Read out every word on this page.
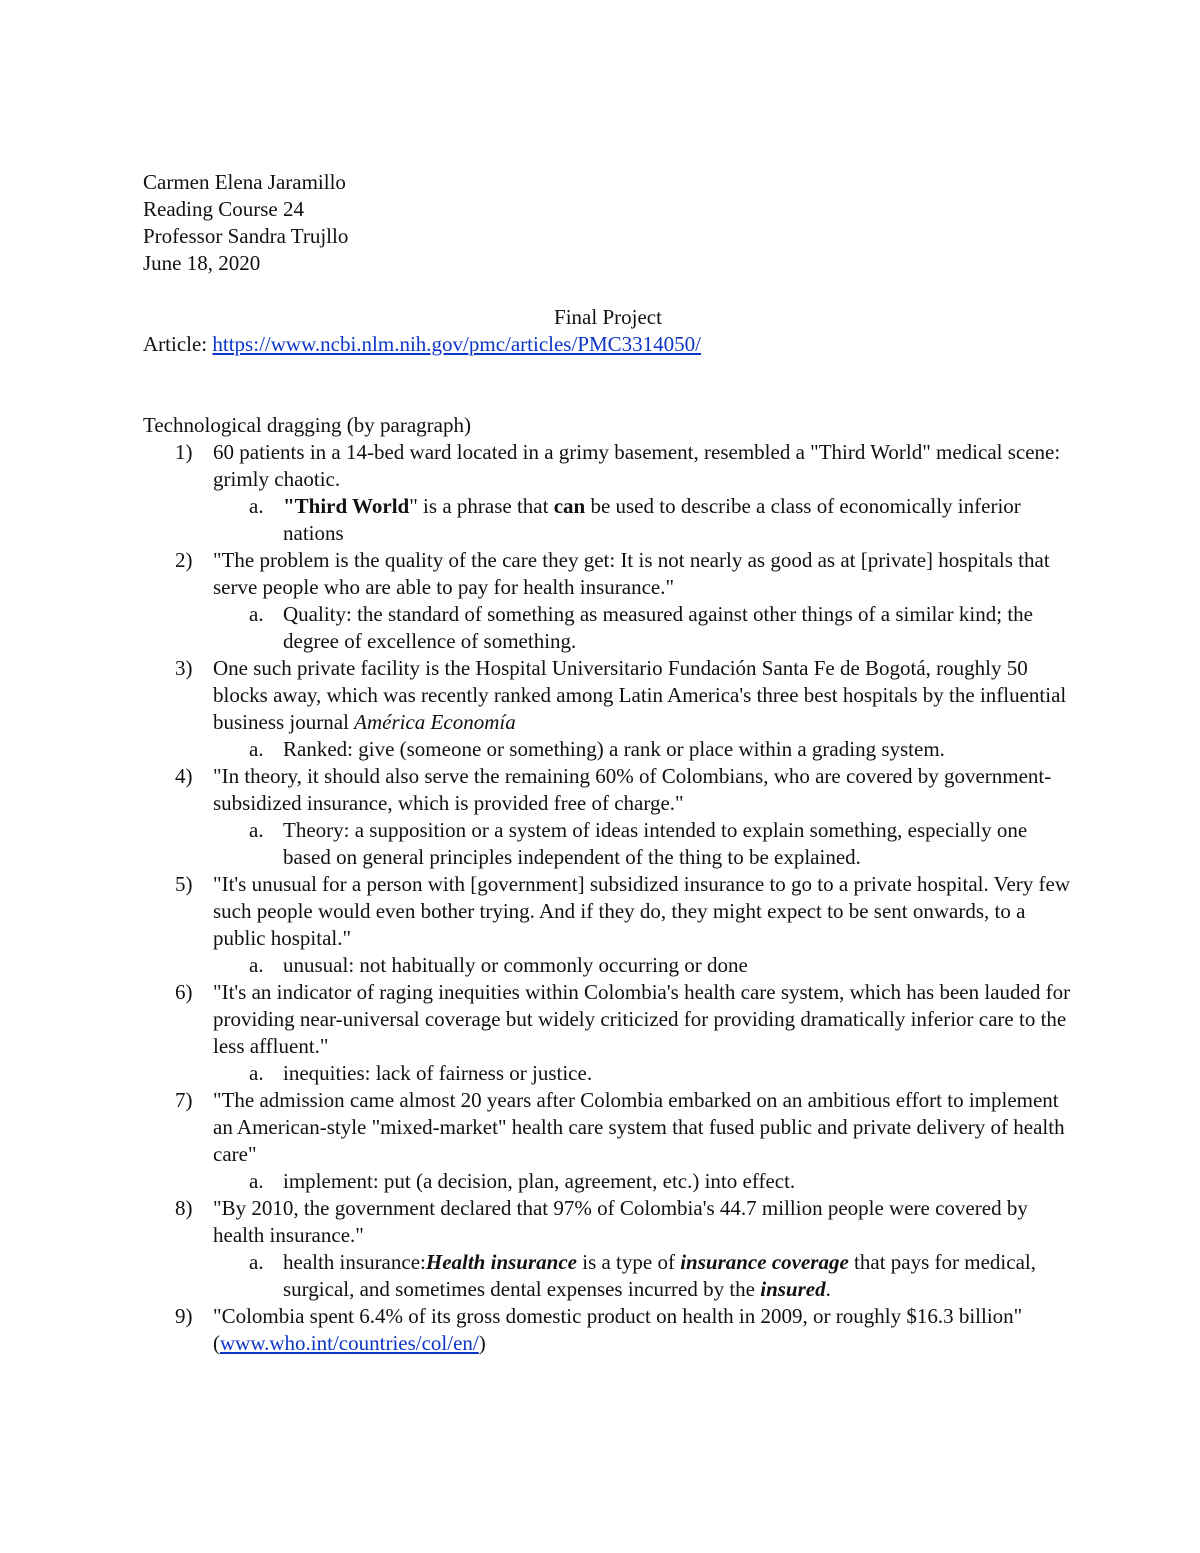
Carmen Elena Jaramillo
Reading Course 24
Professor Sandra Trujllo
June 18, 2020
Final Project
Article: https://www.ncbi.nlm.nih.gov/pmc/articles/PMC3314050/
Technological dragging (by paragraph)
1) 60 patients in a 14-bed ward located in a grimy basement, resembled a "Third World" medical scene: grimly chaotic.
a. "Third World" is a phrase that can be used to describe a class of economically inferior nations
2) "The problem is the quality of the care they get: It is not nearly as good as at [private] hospitals that serve people who are able to pay for health insurance."
a. Quality: the standard of something as measured against other things of a similar kind; the degree of excellence of something.
3) One such private facility is the Hospital Universitario Fundación Santa Fe de Bogotá, roughly 50 blocks away, which was recently ranked among Latin America's three best hospitals by the influential business journal América Economía
a. Ranked: give (someone or something) a rank or place within a grading system.
4) "In theory, it should also serve the remaining 60% of Colombians, who are covered by government-subsidized insurance, which is provided free of charge."
a. Theory: a supposition or a system of ideas intended to explain something, especially one based on general principles independent of the thing to be explained.
5) "It's unusual for a person with [government] subsidized insurance to go to a private hospital. Very few such people would even bother trying. And if they do, they might expect to be sent onwards, to a public hospital."
a. unusual: not habitually or commonly occurring or done
6) "It's an indicator of raging inequities within Colombia's health care system, which has been lauded for providing near-universal coverage but widely criticized for providing dramatically inferior care to the less affluent."
a. inequities: lack of fairness or justice.
7) "The admission came almost 20 years after Colombia embarked on an ambitious effort to implement an American-style "mixed-market" health care system that fused public and private delivery of health care"
a. implement: put (a decision, plan, agreement, etc.) into effect.
8) "By 2010, the government declared that 97% of Colombia's 44.7 million people were covered by health insurance."
a. health insurance:Health insurance is a type of insurance coverage that pays for medical, surgical, and sometimes dental expenses incurred by the insured.
9) "Colombia spent 6.4% of its gross domestic product on health in 2009, or roughly $16.3 billion"(www.who.int/countries/col/en/)
